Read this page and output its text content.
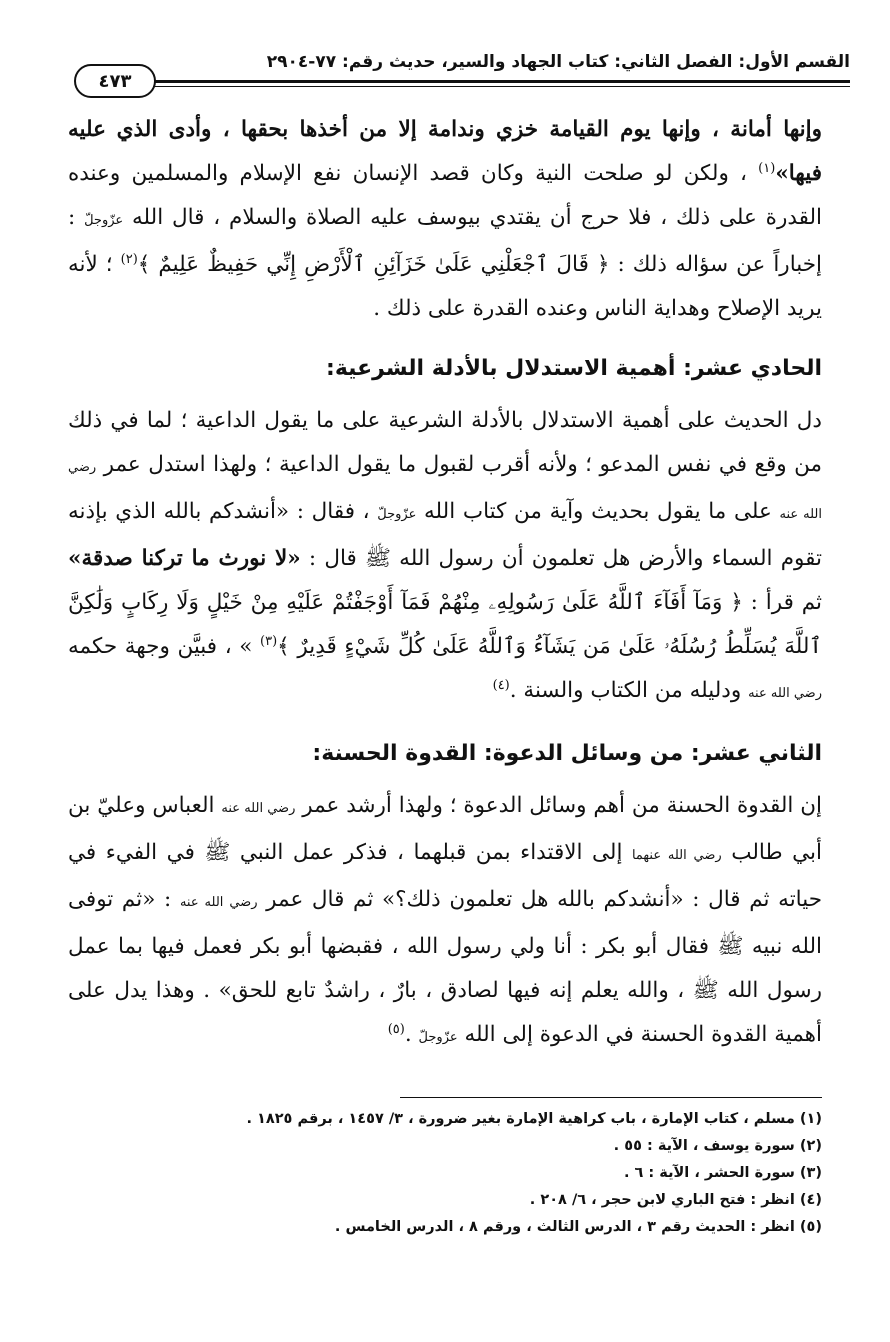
القسم الأول: الفصل الثاني: كتاب الجهاد والسير، حديث رقم: ٧٧-٢٩٠٤
٤٧٣
وإنها أمانة ، وإنها يوم القيامة خزي وندامة إلا من أخذها بحقها ، وأدى الذي عليه فيها»$^{(١)}$ ، ولكن لو صلحت النية وكان قصد الإنسان نفع الإسلام والمسلمين وعنده القدرة على ذلك ، فلا حرج أن يقتدي بيوسف عليه الصلاة والسلام ، قال الله عزّوجلّ : إخباراً عن سؤاله ذلك : ﴿ قَالَ ٱجْعَلْنِي عَلَىٰ خَزَآئِنِ ٱلْأَرْضِ إِنِّي حَفِيظٌ عَلِيمٌ ﴾$^{(٢)}$ ؛ لأنه يريد الإصلاح وهداية الناس وعنده القدرة على ذلك .
الحادي عشر: أهمية الاستدلال بالأدلة الشرعية:
دل الحديث على أهمية الاستدلال بالأدلة الشرعية على ما يقول الداعية ؛ لما في ذلك من وقع في نفس المدعو ؛ ولأنه أقرب لقبول ما يقول الداعية ؛ ولهذا استدل عمر رضي الله عنه على ما يقول بحديث وآية من كتاب الله عزّوجلّ ، فقال : «أنشدكم بالله الذي بإذنه تقوم السماء والأرض هل تعلمون أن رسول الله ﷺ قال : «لا نورث ما تركنا صدقة» ثم قرأ : ﴿ وَمَآ أَفَآءَ ٱللَّهُ عَلَىٰ رَسُولِهِۦ مِنْهُمْ فَمَآ أَوْجَفْتُمْ عَلَيْهِ مِنْ خَيْلٍ وَلَا رِكَابٍ وَلَٰكِنَّ ٱللَّهَ يُسَلِّطُ رُسُلَهُۥ عَلَىٰ مَن يَشَآءُ وَٱللَّهُ عَلَىٰ كُلِّ شَيْءٍ قَدِيرٌ ﴾$^{(٣)}$ » ، فبيَّن وجهة حكمه رضي الله عنه ودليله من الكتاب والسنة .$^{(٤)}$
الثاني عشر: من وسائل الدعوة: القدوة الحسنة:
إن القدوة الحسنة من أهم وسائل الدعوة ؛ ولهذا أرشد عمر رضي الله عنه العباس وعليّ بن أبي طالب رضي الله عنهما إلى الاقتداء بمن قبلهما ، فذكر عمل النبي ﷺ في الفيء في حياته ثم قال : «أنشدكم بالله هل تعلمون ذلك؟» ثم قال عمر رضي الله عنه : «ثم توفى الله نبيه ﷺ فقال أبو بكر : أنا ولي رسول الله ، فقبضها أبو بكر فعمل فيها بما عمل رسول الله ﷺ ، والله يعلم إنه فيها لصادق ، بارٌ ، راشدٌ تابع للحق» . وهذا يدل على أهمية القدوة الحسنة في الدعوة إلى الله عزّوجلّ .$^{(٥)}$
(١) مسلم ، كتاب الإمارة ، باب كراهية الإمارة بغير ضرورة ، ٣/ ١٤٥٧ ، برقم ١٨٢٥ .
(٢) سورة يوسف ، الآية : ٥٥ .
(٣) سورة الحشر ، الآية : ٦ .
(٤) انظر : فتح الباري لابن حجر ، ٦/ ٢٠٨ .
(٥) انظر : الحديث رقم ٣ ، الدرس الثالث ، ورقم ٨ ، الدرس الخامس .
